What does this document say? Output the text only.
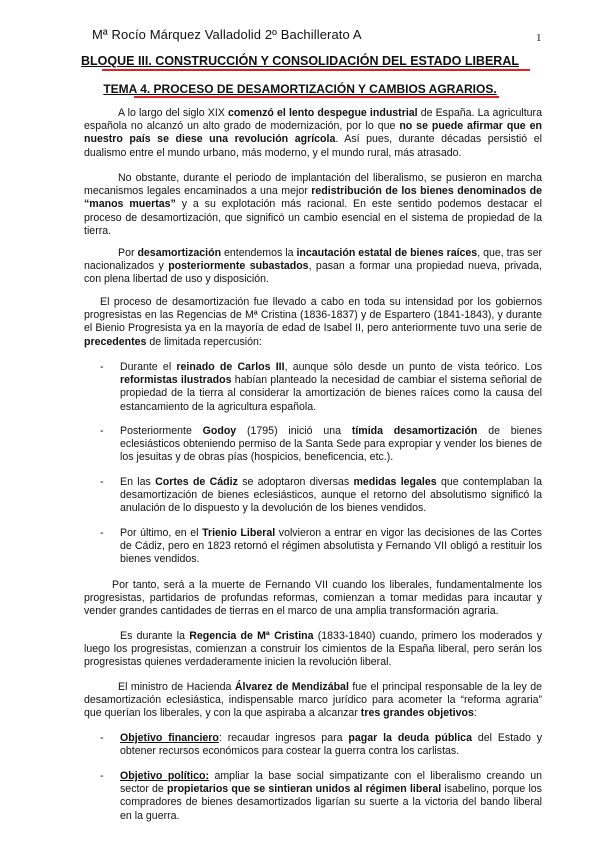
Mª Rocío Márquez Valladolid 2º Bachillerato A	1
BLOQUE III. CONSTRUCCIÓN Y CONSOLIDACIÓN DEL ESTADO LIBERAL
TEMA 4. PROCESO DE DESAMORTIZACIÓN Y CAMBIOS AGRARIOS.

A lo largo del siglo XIX comenzó el lento despegue industrial de España. La agricultura española no alcanzó un alto grado de modernización, por lo que no se puede afirmar que en nuestro país se diese una revolución agrícola. Así pues, durante décadas persistió el dualismo entre el mundo urbano, más moderno, y el mundo rural, más atrasado.

No obstante, durante el periodo de implantación del liberalismo, se pusieron en marcha mecanismos legales encaminados a una mejor redistribución de los bienes denominados de “manos muertas” y a su explotación más racional. En este sentido podemos destacar el proceso de desamortización, que significó un cambio esencial en el sistema de propiedad de la tierra.

Por desamortización entendemos la incautación estatal de bienes raíces, que, tras ser nacionalizados y posteriormente subastados, pasan a formar una propiedad nueva, privada, con plena libertad de uso y disposición.

El proceso de desamortización fue llevado a cabo en toda su intensidad por los gobiernos progresistas en las Regencias de Mª Cristina (1836-1837) y de Espartero (1841-1843), y durante el Bienio Progresista ya en la mayoría de edad de Isabel II, pero anteriormente tuvo una serie de precedentes de limitada repercusión:

- Durante el reinado de Carlos III, aunque sólo desde un punto de vista teórico. Los reformistas ilustrados habían planteado la necesidad de cambiar el sistema señorial de propiedad de la tierra al considerar la amortización de bienes raíces como la causa del estancamiento de la agricultura española.
- Posteriormente Godoy (1795) inició una tímida desamortización de bienes eclesiásticos obteniendo permiso de la Santa Sede para expropiar y vender los bienes de los jesuitas y de obras pías (hospicios, beneficencia, etc.).
- En las Cortes de Cádiz se adoptaron diversas medidas legales que contemplaban la desamortización de bienes eclesiásticos, aunque el retorno del absolutismo significó la anulación de lo dispuesto y la devolución de los bienes vendidos.
- Por último, en el Trienio Liberal volvieron a entrar en vigor las decisiones de las Cortes de Cádiz, pero en 1823 retornó el régimen absolutista y Fernando VII obligó a restituir los bienes vendidos.

Por tanto, será a la muerte de Fernando VII cuando los liberales, fundamentalmente los progresistas, partidarios de profundas reformas, comienzan a tomar medidas para incautar y vender grandes cantidades de tierras en el marco de una amplia transformación agraria.

Es durante la Regencia de Mª Cristina (1833-1840) cuando, primero los moderados y luego los progresistas, comienzan a construir los cimientos de la España liberal, pero serán los progresistas quienes verdaderamente inicien la revolución liberal.

El ministro de Hacienda Álvarez de Mendizábal fue el principal responsable de la ley de desamortización eclesiástica, indispensable marco jurídico para acometer la “reforma agraria” que querían los liberales, y con la que aspiraba a alcanzar tres grandes objetivos:

- Objetivo financiero: recaudar ingresos para pagar la deuda pública del Estado y obtener recursos económicos para costear la guerra contra los carlistas.
- Objetivo político: ampliar la base social simpatizante con el liberalismo creando un sector de propietarios que se sintieran unidos al régimen liberal isabelino, porque los compradores de bienes desamortizados ligarían su suerte a la victoria del bando liberal en la guerra.
